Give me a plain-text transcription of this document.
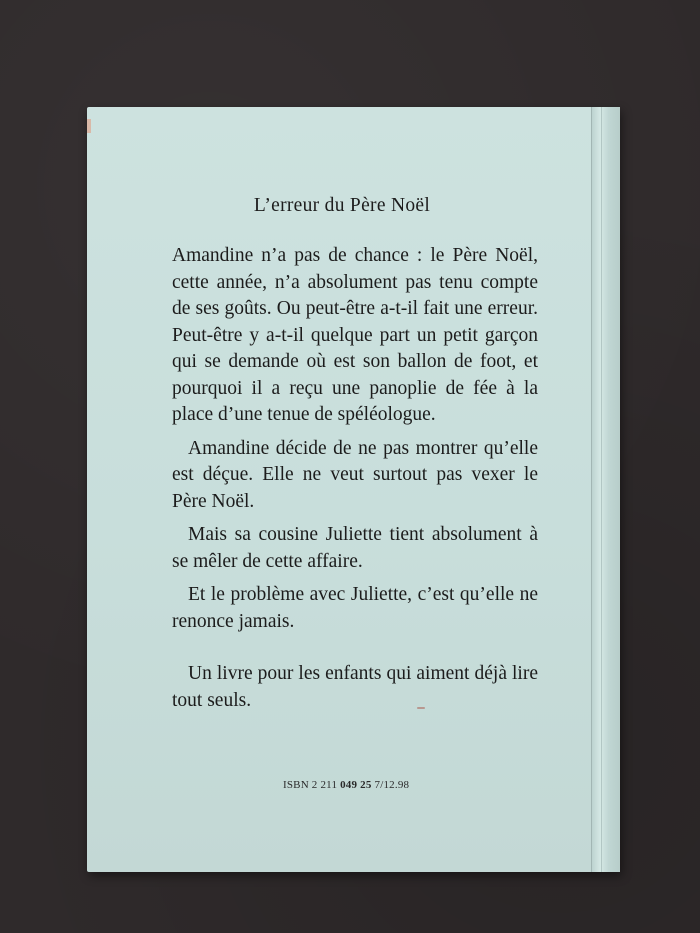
L’erreur du Père Noël

Amandine n’a pas de chance : le Père Noël, cette année, n’a absolument pas tenu compte de ses goûts. Ou peut-être a-t-il fait une erreur. Peut-être y a-t-il quelque part un petit garçon qui se demande où est son ballon de foot, et pourquoi il a reçu une panoplie de fée à la place d’une tenue de spéléologue.

Amandine décide de ne pas montrer qu’elle est déçue. Elle ne veut surtout pas vexer le Père Noël.

Mais sa cousine Juliette tient absolument à se mêler de cette affaire.

Et le problème avec Juliette, c’est qu’elle ne renonce jamais.

Un livre pour les enfants qui aiment déjà lire tout seuls.

ISBN 2 211 049 25 7/12.98
